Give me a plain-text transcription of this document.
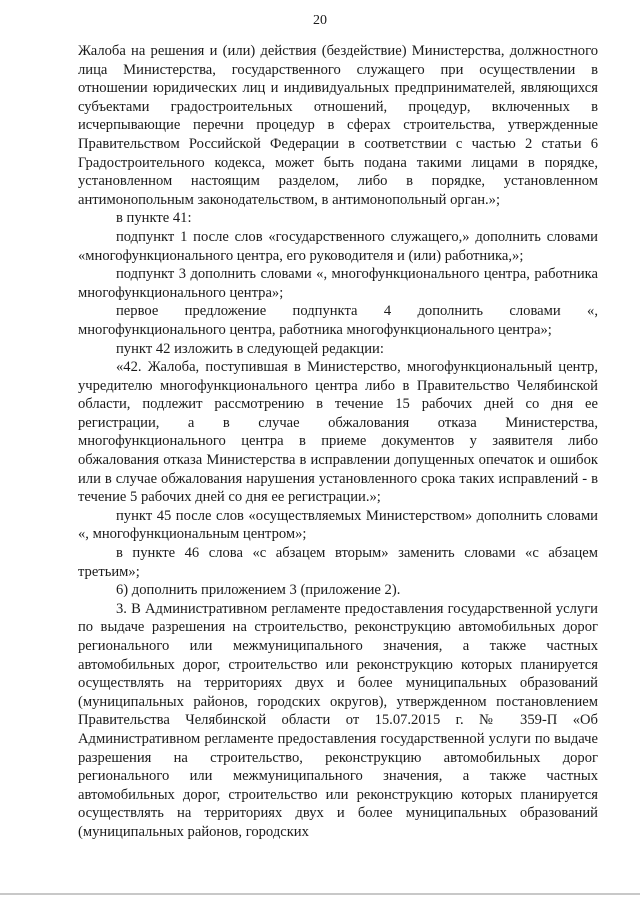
20

Жалоба на решения и (или) действия (бездействие) Министерства, должностного лица Министерства, государственного служащего при осуществлении в отношении юридических лиц и индивидуальных предпринимателей, являющихся субъектами градостроительных отношений, процедур, включенных в исчерпывающие перечни процедур в сферах строительства, утвержденные Правительством Российской Федерации в соответствии с частью 2 статьи 6 Градостроительного кодекса, может быть подана такими лицами в порядке, установленном настоящим разделом, либо в порядке, установленном антимонопольным законодательством, в антимонопольный орган.»;

в пункте 41:

подпункт 1 после слов «государственного служащего,» дополнить словами «многофункционального центра, его руководителя и (или) работника,»;

подпункт 3 дополнить словами «, многофункционального центра, работника многофункционального центра»;

первое предложение подпункта 4 дополнить словами «, многофункционального центра, работника многофункционального центра»;

пункт 42 изложить в следующей редакции:

«42. Жалоба, поступившая в Министерство, многофункциональный центр, учредителю многофункционального центра либо в Правительство Челябинской области, подлежит рассмотрению в течение 15 рабочих дней со дня ее регистрации, а в случае обжалования отказа Министерства, многофункционального центра в приеме документов у заявителя либо обжалования отказа Министерства в исправлении допущенных опечаток и ошибок или в случае обжалования нарушения установленного срока таких исправлений - в течение 5 рабочих дней со дня ее регистрации.»;

пункт 45 после слов «осуществляемых Министерством» дополнить словами «, многофункциональным центром»;

в пункте 46 слова «с абзацем вторым» заменить словами «с абзацем третьим»;

6) дополнить приложением 3 (приложение 2).

3. В Административном регламенте предоставления государственной услуги по выдаче разрешения на строительство, реконструкцию автомобильных дорог регионального или межмуниципального значения, а также частных автомобильных дорог, строительство или реконструкцию которых планируется осуществлять на территориях двух и более муниципальных образований (муниципальных районов, городских округов), утвержденном постановлением Правительства Челябинской области от 15.07.2015 г. № 359-П «Об Административном регламенте предоставления государственной услуги по выдаче разрешения на строительство, реконструкцию автомобильных дорог регионального или межмуниципального значения, а также частных автомобильных дорог, строительство или реконструкцию которых планируется осуществлять на территориях двух и более муниципальных образований (муниципальных районов, городских
